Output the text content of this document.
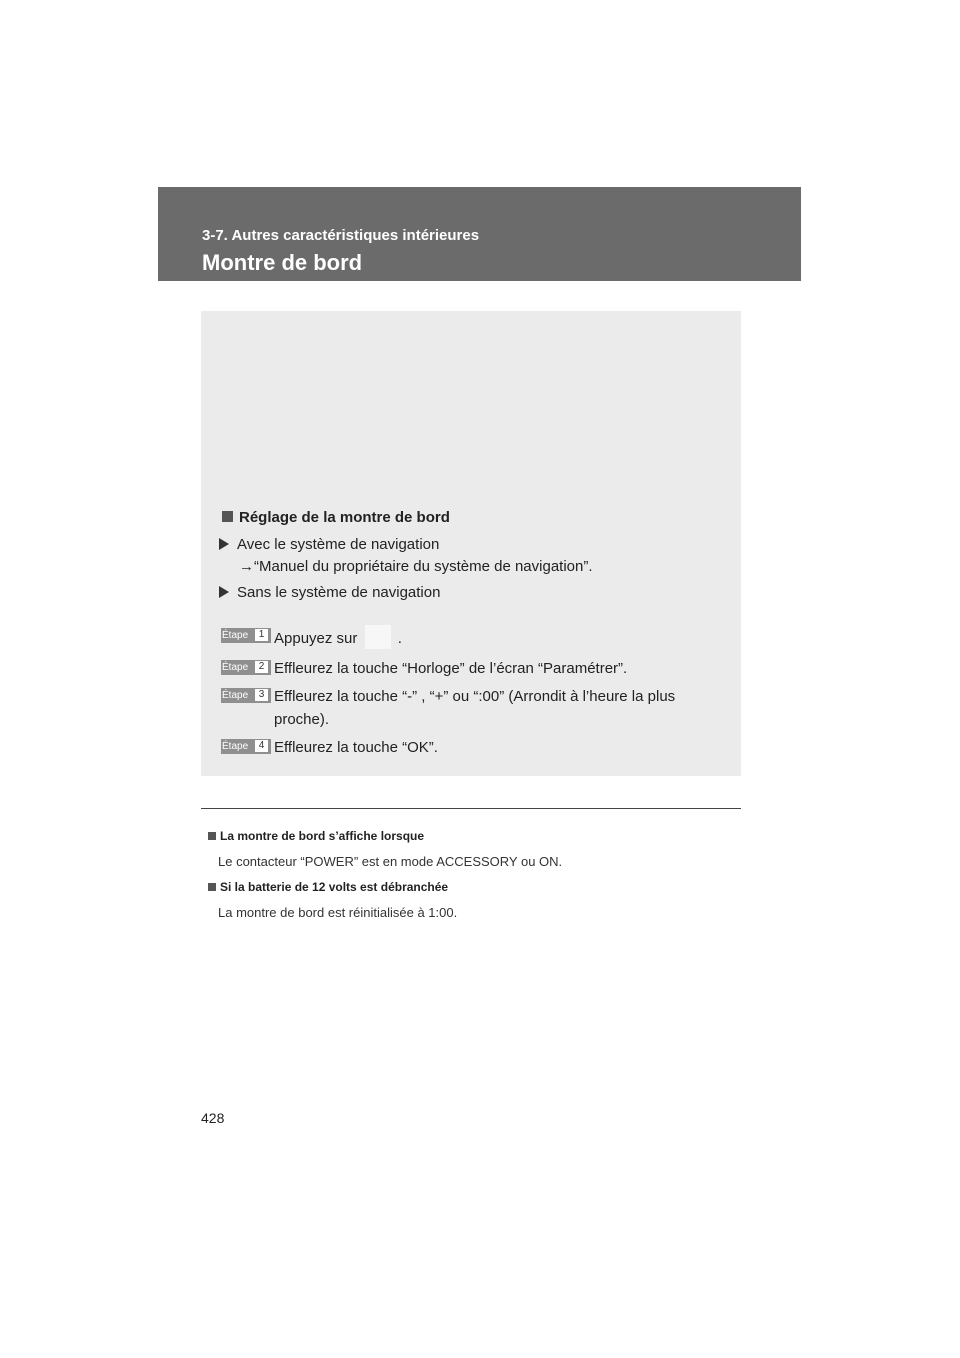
3-7. Autres caractéristiques intérieures
Montre de bord
Réglage de la montre de bord
Avec le système de navigation
→“Manuel du propriétaire du système de navigation”.
Sans le système de navigation
Étape	1 Appuyez sur	.
Étape	2 Effleurez la touche “Horloge” de l’écran “Paramétrer”.
Étape	3 Effleurez la touche “-” , “+” ou “:00” (Arrondit à l’heure la plus proche).
Étape	4 Effleurez la touche “OK”.
La montre de bord s’affiche lorsque
Le contacteur “POWER” est en mode ACCESSORY ou ON.
Si la batterie de 12 volts est débranchée
La montre de bord est réinitialisée à 1:00.
428
